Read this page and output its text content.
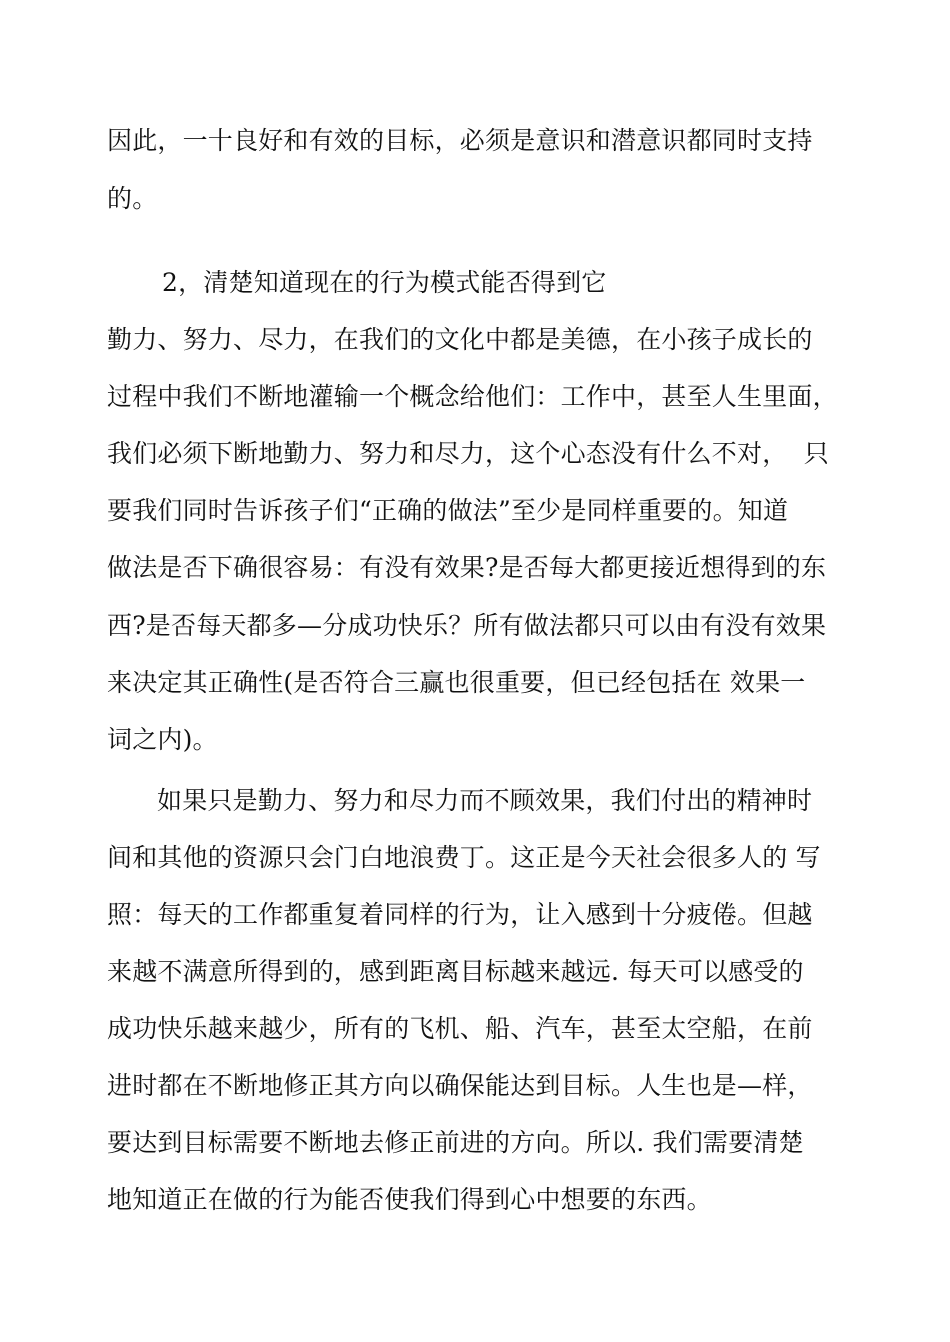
因此，一十良好和有效的目标，必须是意识和潜意识都同时支持
的。
2，清楚知道现在的行为模式能否得到它
勤力、努力、尽力，在我们的文化中都是美德，在小孩子成长的
过程中我们不断地灌输一个概念给他们：工作中，甚至人生里面，
我们必须下断地勤力、努力和尽力，这个心态没有什么不对，  只
要我们同时告诉孩子们“正确的做法”至少是同样重要的。知道
做法是否下确很容易：有没有效果?是否每大都更接近想得到的东
西?是否每天都多—分成功快乐？所有做法都只可以由有没有效果
来决定其正确性(是否符合三赢也很重要，但已经包括在 效果一
词之内)。
如果只是勤力、努力和尽力而不顾效果，我们付出的精神时
间和其他的资源只会门白地浪费丁。这正是今天社会很多人的 写
照：每天的工作都重复着同样的行为，让入感到十分疲倦。但越
来越不满意所得到的，感到距离目标越来越远. 每天可以感受的
成功快乐越来越少，所有的飞机、船、汽车，甚至太空船，在前
进时都在不断地修正其方向以确保能达到目标。人生也是—样，
要达到目标需要不断地去修正前进的方向。所以. 我们需要清楚
地知道正在做的行为能否使我们得到心中想要的东西。
